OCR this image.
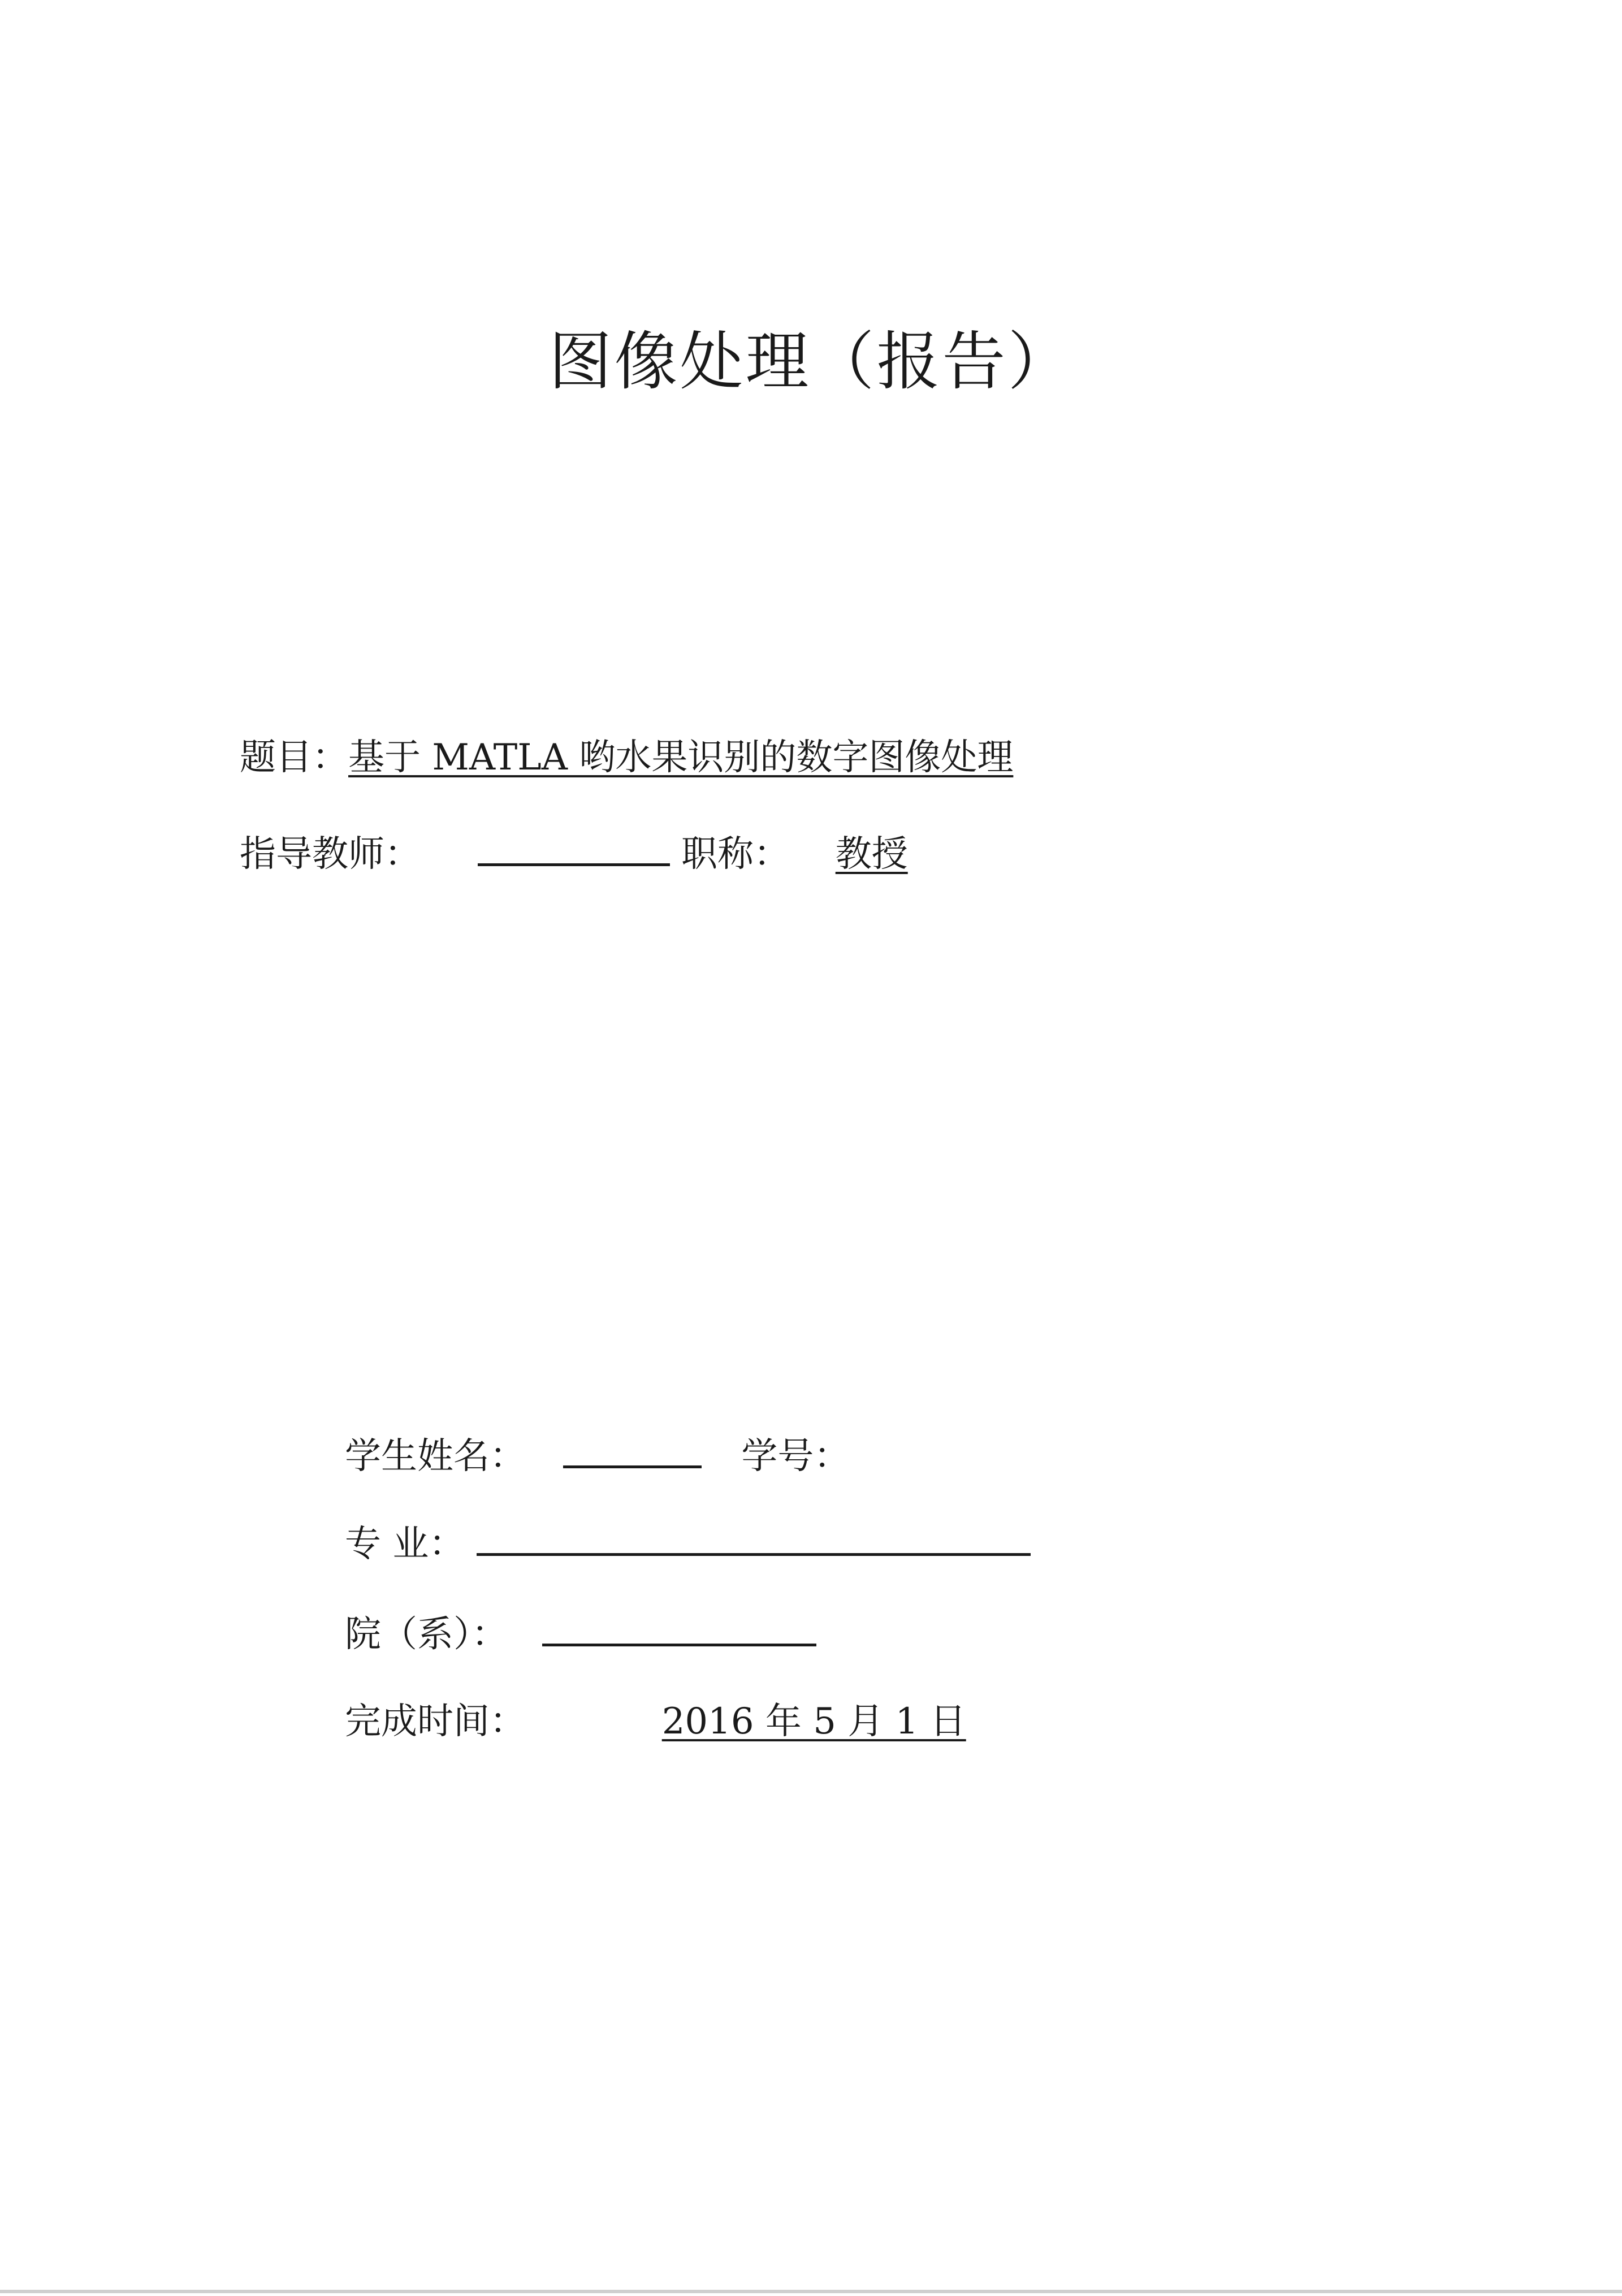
图像处理（报告）
题目：基于 MATLA 哟水果识别的数字图像处理
指导教师：	职称： 教授
学生姓名：	学号：
专 业：
院（系）：
完成时间：	2016 年 5 月 1 日
